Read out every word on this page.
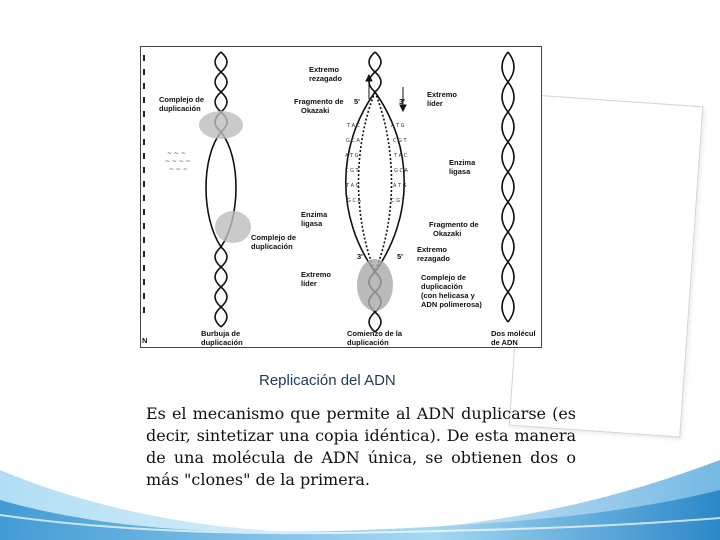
~ ~ ~
~ ~ ~ ~
~ ~ ~
T A C
G C A
A T G
C G T
T A G
G C A
A T G
C G T
T A C
G C A
A T G
C G T
Complejo de
duplicación
Extremo
rezagado
Fragmento de
Okazaki
5'	3'
Extremo
líder
Enzima
ligasa
Enzima
ligasa
Complejo de
duplicación
Fragmento de
Okazaki
Extremo
rezagado
3'	5'
Extremo
líder
Complejo de
duplicación
(con helicasa y
ADN polimerosa)
Burbuja de
duplicación
Comienzo de la
duplicación
Dos molécul
de ADN
N
Replicación del ADN
Es el mecanismo que permite al ADN duplicarse (es decir, sintetizar una copia idéntica). De esta manera de una molécula de ADN única, se obtienen dos o más "clones" de la primera.
